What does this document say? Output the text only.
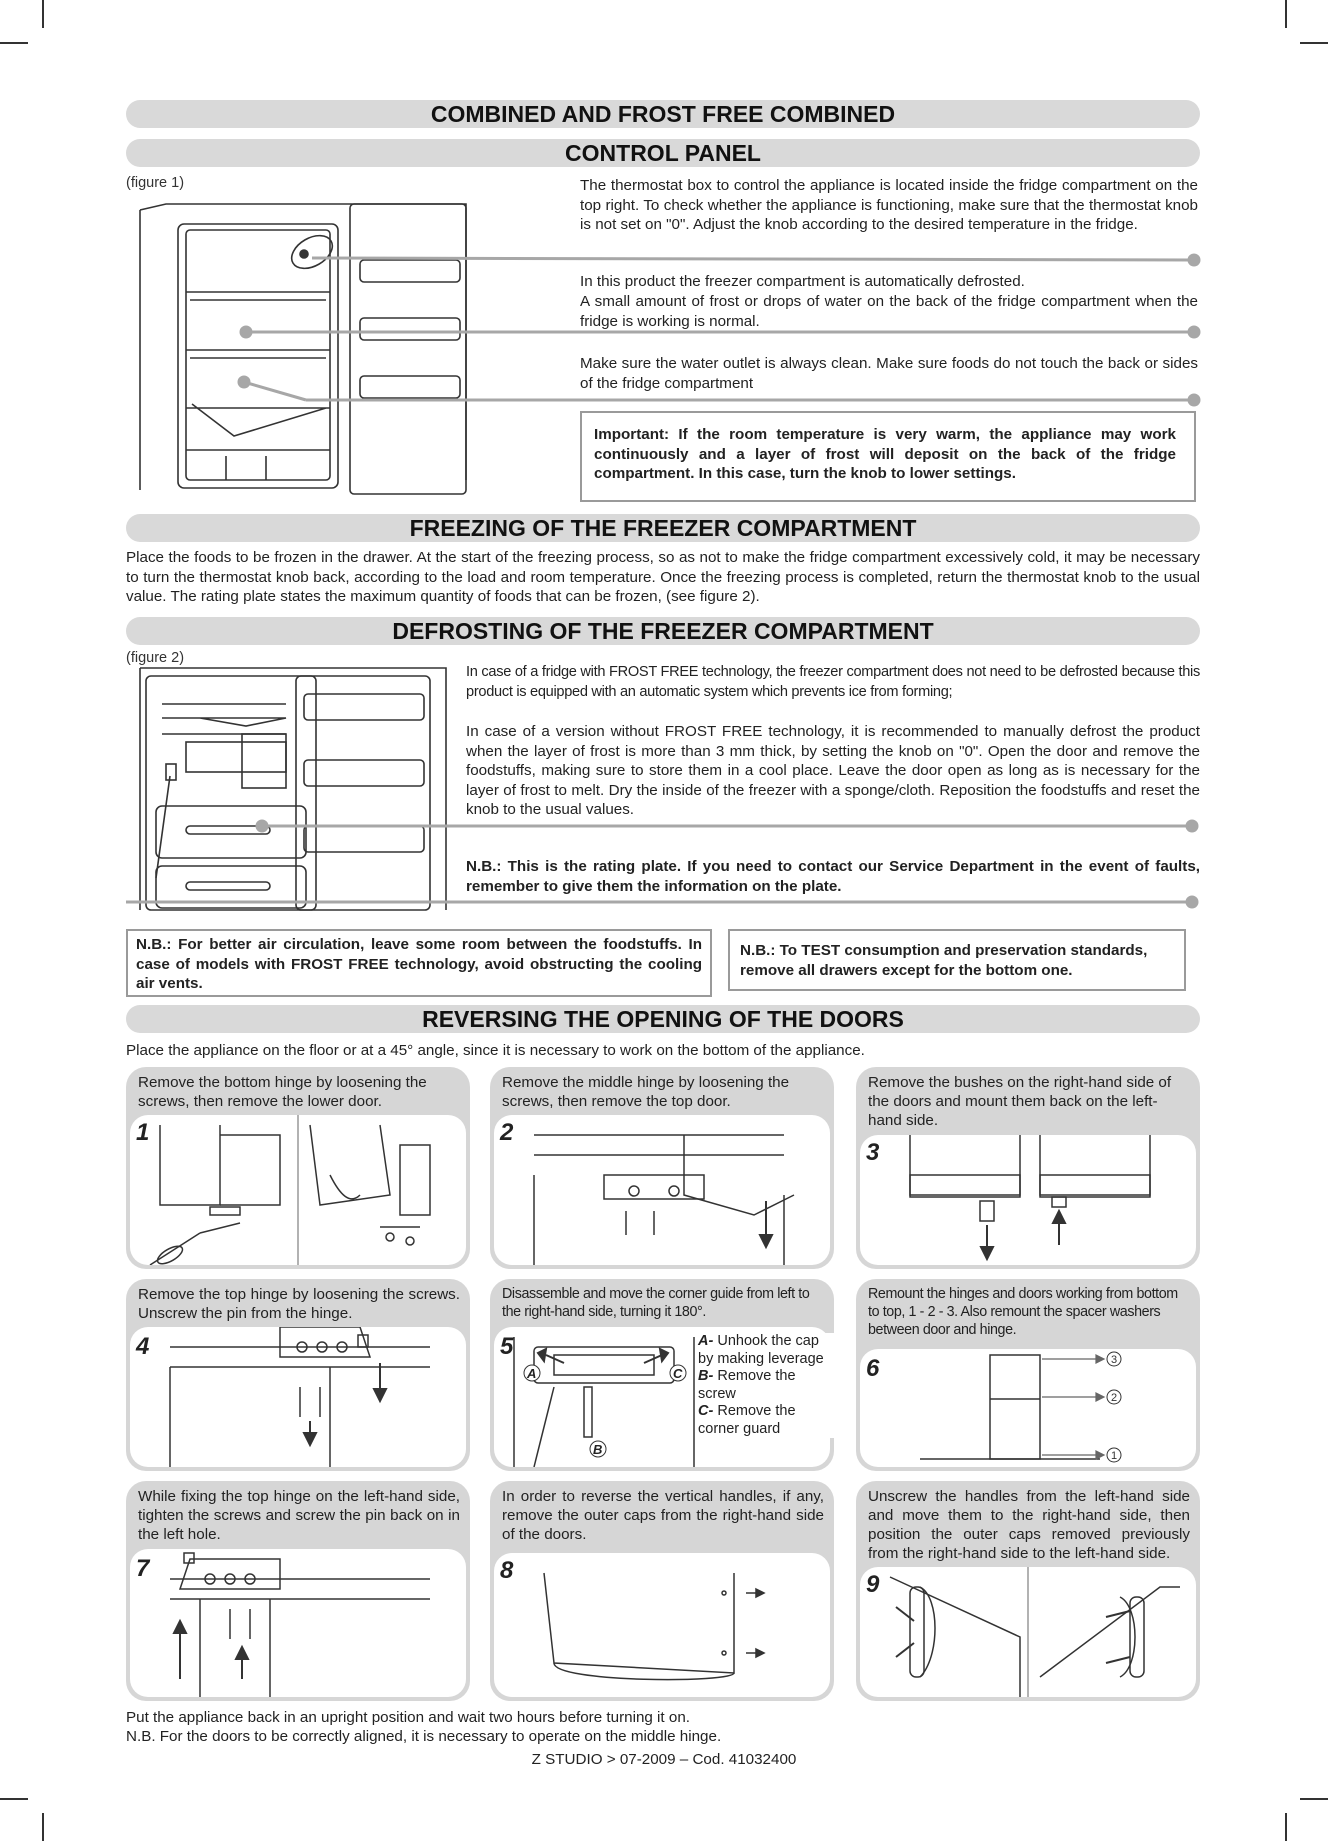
COMBINED AND FROST FREE COMBINED
CONTROL PANEL
(figure 1)	The thermostat box to control the appliance is located inside the fridge compartment on the top right. To check whether the appliance is functioning, make sure that the thermostat knob is not set on "0". Adjust the knob according to the desired temperature in the fridge.
In this product the freezer compartment is automatically defrosted.
A small amount of frost or drops of water on the back of the fridge compartment when the fridge is working is normal.
Make sure the water outlet is always clean. Make sure foods do not touch the back or sides of the fridge compartment
Important: If the room temperature is very warm, the appliance may work continuously and a layer of frost will deposit on the back of the fridge compartment. In this case, turn the knob to lower settings.
FREEZING OF THE FREEZER COMPARTMENT
Place the foods to be frozen in the drawer. At the start of the freezing process, so as not to make the fridge compartment excessively cold, it may be necessary to turn the thermostat knob back, according to the load and room temperature. Once the freezing process is completed, return the thermostat knob to the usual value. The rating plate states the maximum quantity of foods that can be frozen, (see figure 2).
DEFROSTING OF THE FREEZER COMPARTMENT
(figure 2)
In case of a fridge with FROST FREE technology, the freezer compartment does not need to be defrosted because this product is equipped with an automatic system which prevents ice from forming;
In case of a version without FROST FREE technology, it is recommended to manually defrost the product when the layer of frost is more than 3 mm thick, by setting the knob on "0". Open the door and remove the foodstuffs, making sure to store them in a cool place. Leave the door open as long as is necessary for the layer of frost to melt. Dry the inside of the freezer with a sponge/cloth. Reposition the foodstuffs and reset the knob to the usual values.
N.B.: This is the rating plate. If you need to contact our Service Department in the event of faults, remember to give them the information on the plate.
N.B.: For better air circulation, leave some room between the foodstuffs. In case of models with FROST FREE technology, avoid obstructing the cooling air vents.
N.B.: To TEST consumption and preservation standards, remove all drawers except for the bottom one.
REVERSING THE OPENING OF THE DOORS
Place the appliance on the floor or at a 45° angle, since it is necessary to work on the bottom of the appliance.
Remove the bottom hinge by loosening the screws, then remove the lower door.
1
Remove the middle hinge by loosening the screws, then remove the top door.
2
Remove the bushes on the right-hand side of the doors and mount them back on the left-hand side.
3
Remove the top hinge by loosening the screws. Unscrew the pin from the hinge.
4
Disassemble and move the corner guide from left to the right-hand side, turning it 180°.
A	C
B
A- Unhook the cap by making leverage
B- Remove the screw
C- Remove the corner guard
5
Remount the hinges and doors working from bottom to top, 1 - 2 - 3. Also remount the spacer washers between door and hinge.
3
2
1
6
While fixing the top hinge on the left-hand side, tighten the screws and screw the pin back on in the left hole.
7
In order to reverse the vertical handles, if any, remove the outer caps from the right-hand side of the doors.
8
Unscrew the handles from the left-hand side and move them to the right-hand side, then position the outer caps removed previously from the right-hand side to the left-hand side.
9
Put the appliance back in an upright position and wait two hours before turning it on.
N.B. For the doors to be correctly aligned, it is necessary to operate on the middle hinge.
Z STUDIO > 07-2009 – Cod. 41032400
